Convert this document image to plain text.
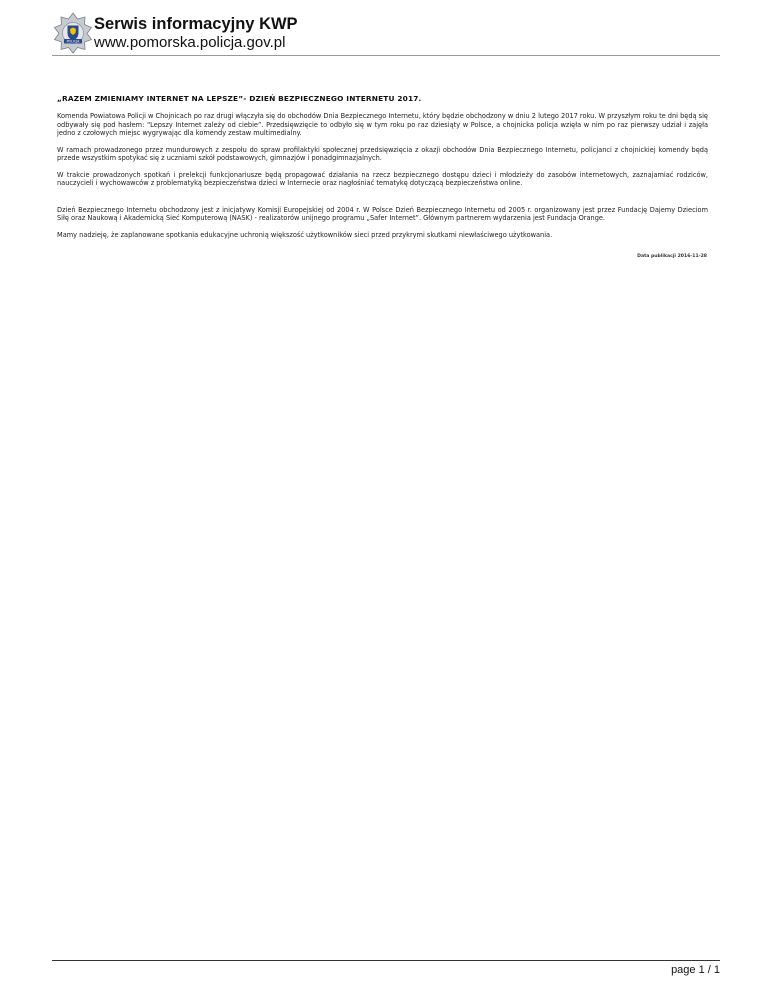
POLICJA
Serwis informacyjny KWP
www.pomorska.policja.gov.pl

„RAZEM ZMIENIAMY INTERNET NA LEPSZE”- DZIEŃ BEZPIECZNEGO INTERNETU 2017.

Komenda Powiatowa Policji w Chojnicach po raz drugi włączyła się do obchodów Dnia Bezpiecznego Internetu, który będzie obchodzony w dniu 2 lutego 2017 roku. W przyszłym roku te dni będą się odbywały się pod hasłem: “Lepszy Internet zależy od ciebie”. Przedsięwzięcie to odbyło się w tym roku po raz dziesiąty w Polsce, a chojnicka policja wzięła w nim po raz pierwszy udział i zajęła jedno z czołowych miejsc wygrywając dla komendy zestaw multimedialny.

W ramach prowadzonego przez mundurowych z zespołu do spraw profilaktyki społecznej przedsięwzięcia z okazji obchodów Dnia Bezpiecznego Internetu, policjanci z chojnickiej komendy będą przede wszystkim spotykać się z uczniami szkół podstawowych, gimnazjów i ponadgimnazjalnych.

W trakcie prowadzonych spotkań i prelekcji funkcjonariusze będą propagować działania na rzecz bezpiecznego dostępu dzieci i młodzieży do zasobów internetowych, zaznajamiać rodziców, nauczycieli i wychowawców z problematyką bezpieczeństwa dzieci w Internecie oraz nagłośniać tematykę dotyczącą bezpieczeństwa online.

Dzień Bezpiecznego Internetu obchodzony jest z inicjatywy Komisji Europejskiej od 2004 r. W Polsce Dzień Bezpiecznego Internetu od 2005 r. organizowany jest przez Fundację Dajemy Dzieciom Siłę oraz Naukową i Akademicką Sieć Komputerową (NASK) - realizatorów unijnego programu „Safer Internet”. Głównym partnerem wydarzenia jest Fundacja Orange.

Mamy nadzieję, że zaplanowane spotkania edukacyjne uchronią większość użytkowników sieci przed przykrymi skutkami niewłaściwego użytkowania.

Data publikacji 2016-11-28
page 1 / 1
